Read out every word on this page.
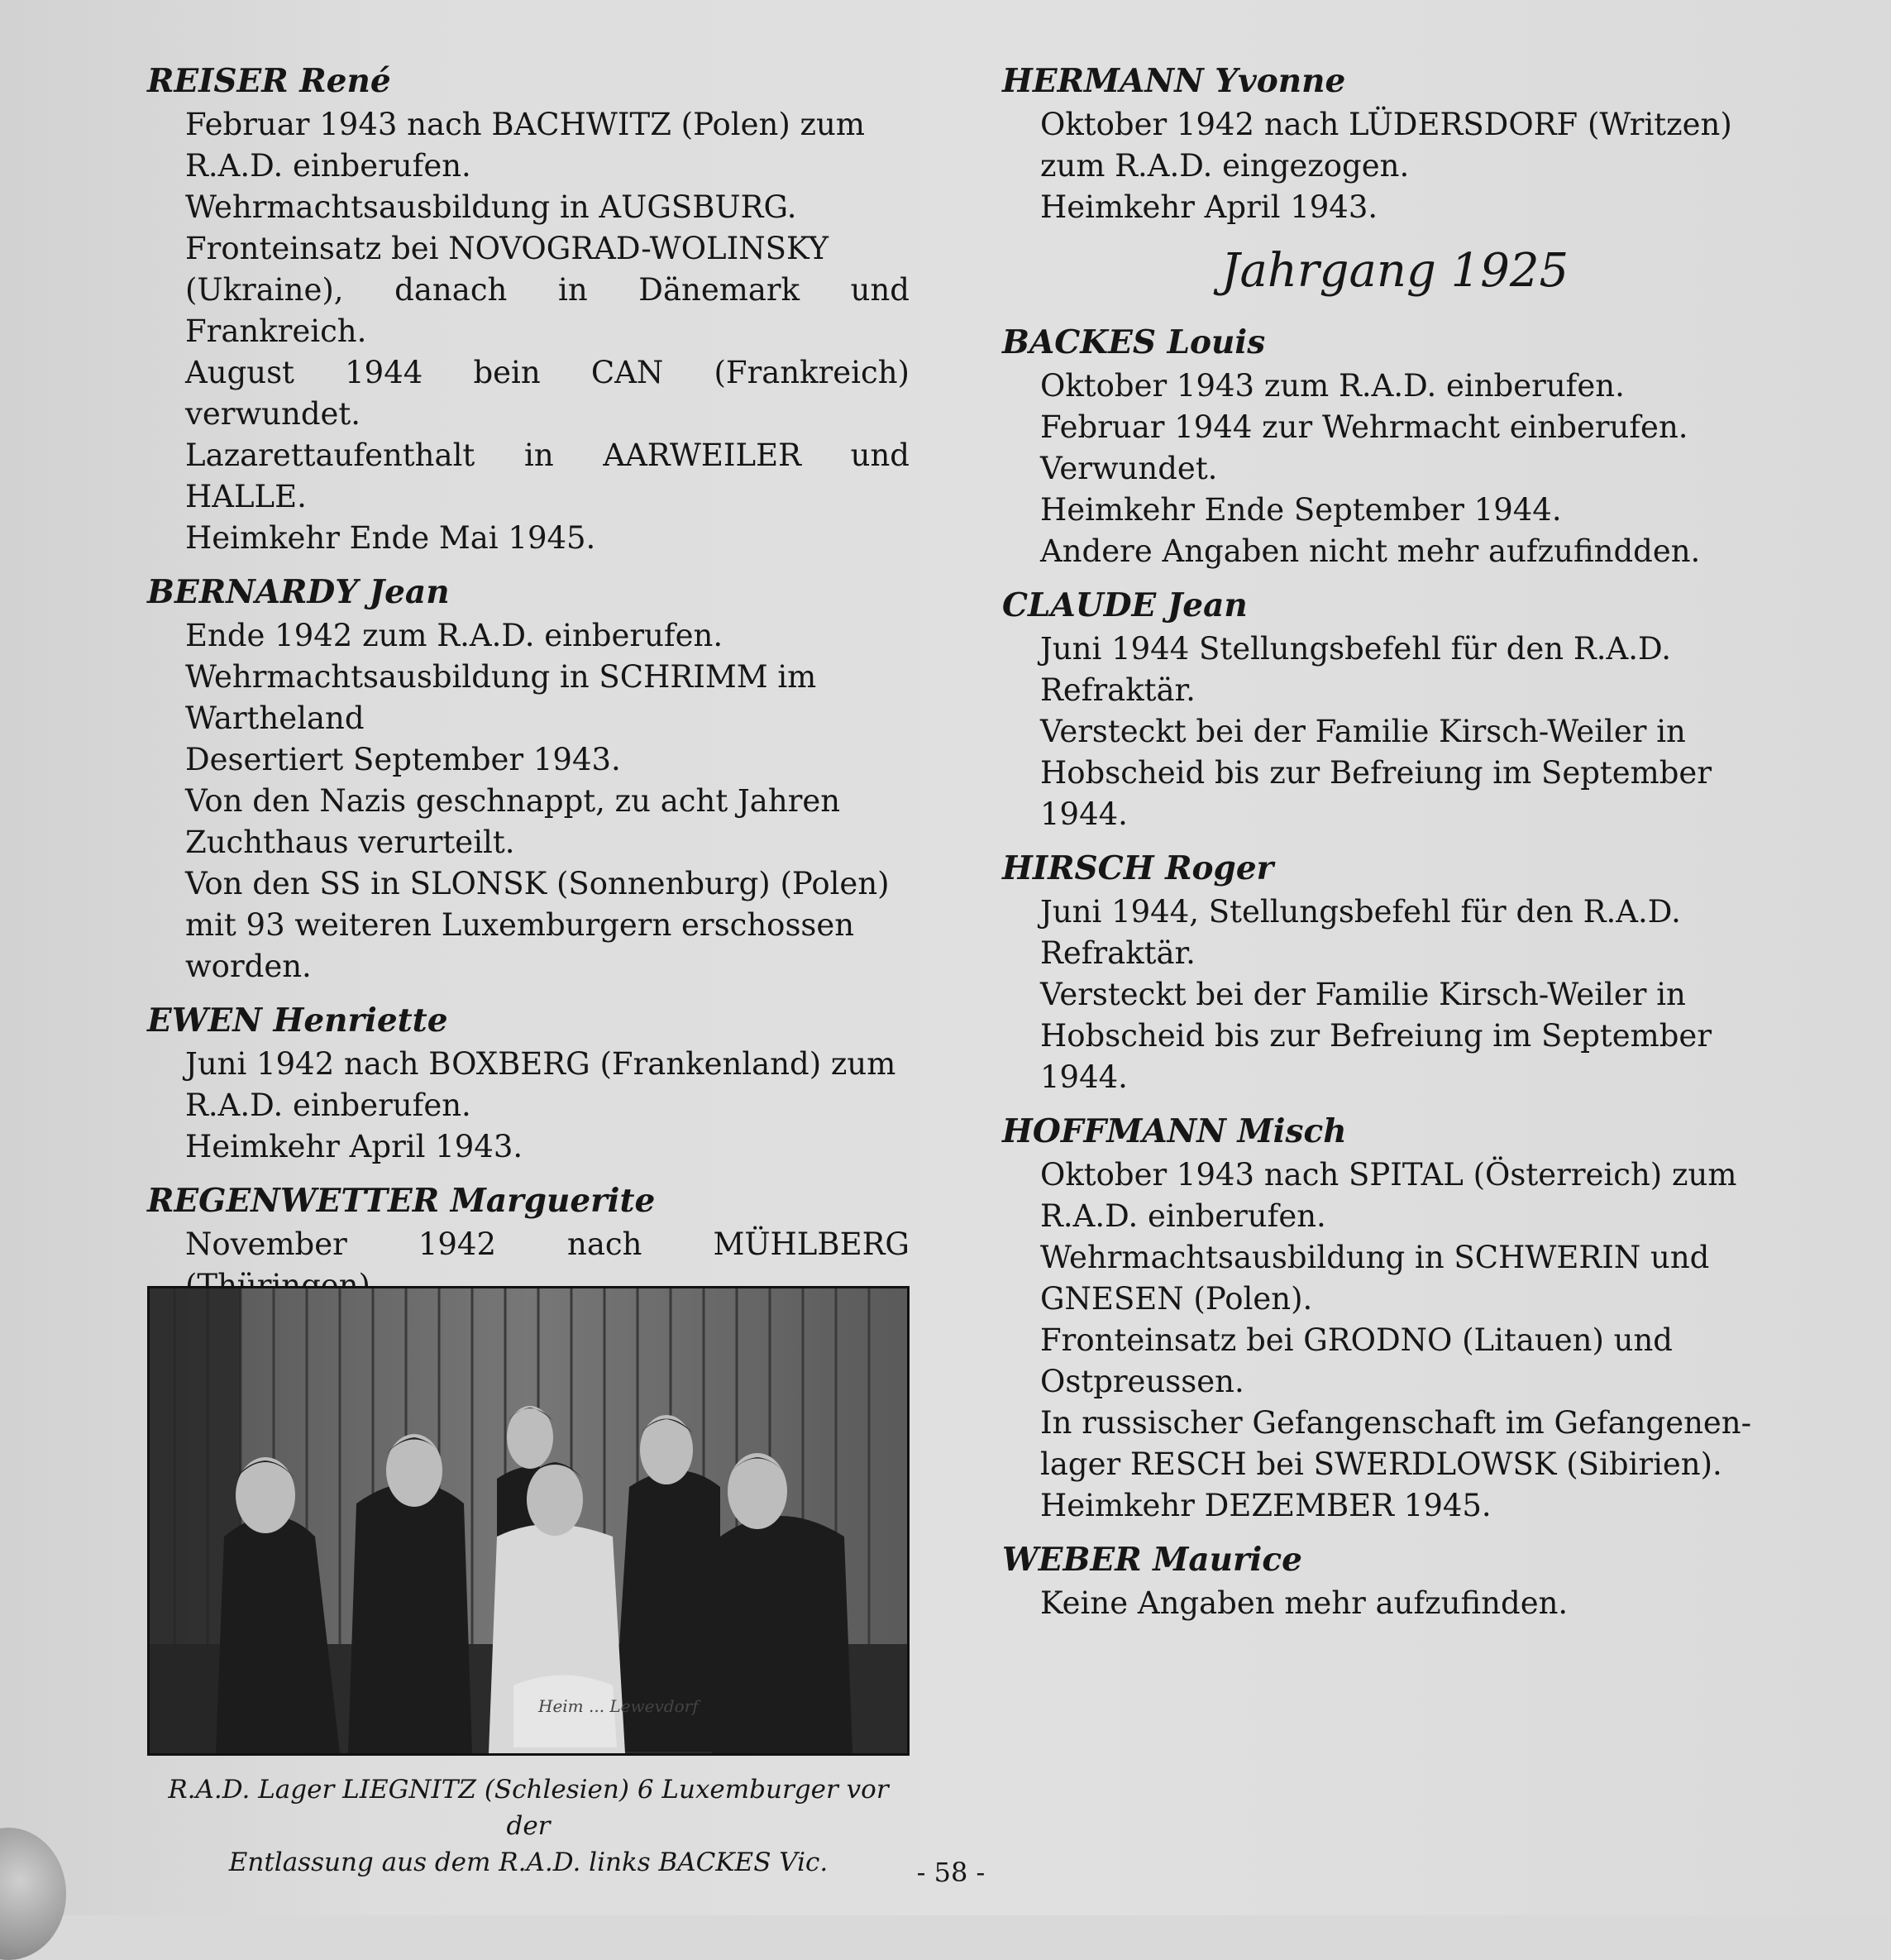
REISER René

Februar 1943 nach BACHWITZ (Polen) zum
R.A.D. einberufen.
Wehrmachtsausbildung in AUGSBURG.
Fronteinsatz bei NOVOGRAD-WOLINSKY
(Ukraine), danach in Dänemark und Frankreich.
August 1944 bein CAN (Frankreich) verwundet.
Lazarettaufenthalt in AARWEILER und HALLE.
Heimkehr Ende Mai 1945.

BERNARDY Jean

Ende 1942 zum R.A.D. einberufen.
Wehrmachtsausbildung in SCHRIMM im
Wartheland
Desertiert September 1943.
Von den Nazis geschnappt, zu acht Jahren
Zuchthaus verurteilt.
Von den SS in SLONSK (Sonnenburg) (Polen)
mit 93 weiteren Luxemburgern erschossen
worden.

EWEN Henriette

Juni 1942 nach BOXBERG (Frankenland) zum
R.A.D. einberufen.
Heimkehr April 1943.

REGENWETTER Marguerite

November 1942 nach MÜHLBERG
Heim ... Lewevdorf
R.A.D. Lager LIEGNITZ (Schlesien) 6 Luxemburger vor der
Entlassung aus dem R.A.D. links BACKES Vic.

HERMANN Yvonne

Oktober 1942 nach LÜDERSDORF (Writzen)
zum R.A.D. eingezogen.
Heimkehr April 1943.
Jahrgang 1925

BACKES Louis

Oktober 1943 zum R.A.D. einberufen.
Februar 1944 zur Wehrmacht einberufen.
Verwundet.
Heimkehr Ende September 1944.
Andere Angaben nicht mehr aufzufindden.

CLAUDE Jean

Juni 1944 Stellungsbefehl für den R.A.D.
Refraktär.
Versteckt bei der Familie Kirsch-Weiler in
Hobscheid bis zur Befreiung im September
1944.

HIRSCH Roger

Juni 1944, Stellungsbefehl für den R.A.D.
Refraktär.
Versteckt bei der Familie Kirsch-Weiler in
Hobscheid bis zur Befreiung im September
1944.

HOFFMANN Misch

Oktober 1943 nach SPITAL (Österreich) zum
R.A.D. einberufen.
Wehrmachtsausbildung in SCHWERIN und
GNESEN (Polen).
Fronteinsatz bei GRODNO (Litauen) und
Ostpreussen.
In russischer Gefangenschaft im Gefangenen-
lager RESCH bei SWERDLOWSK (Sibirien).
Heimkehr DEZEMBER 1945.

WEBER Maurice

Keine Angaben mehr aufzufinden.
- 58 -
